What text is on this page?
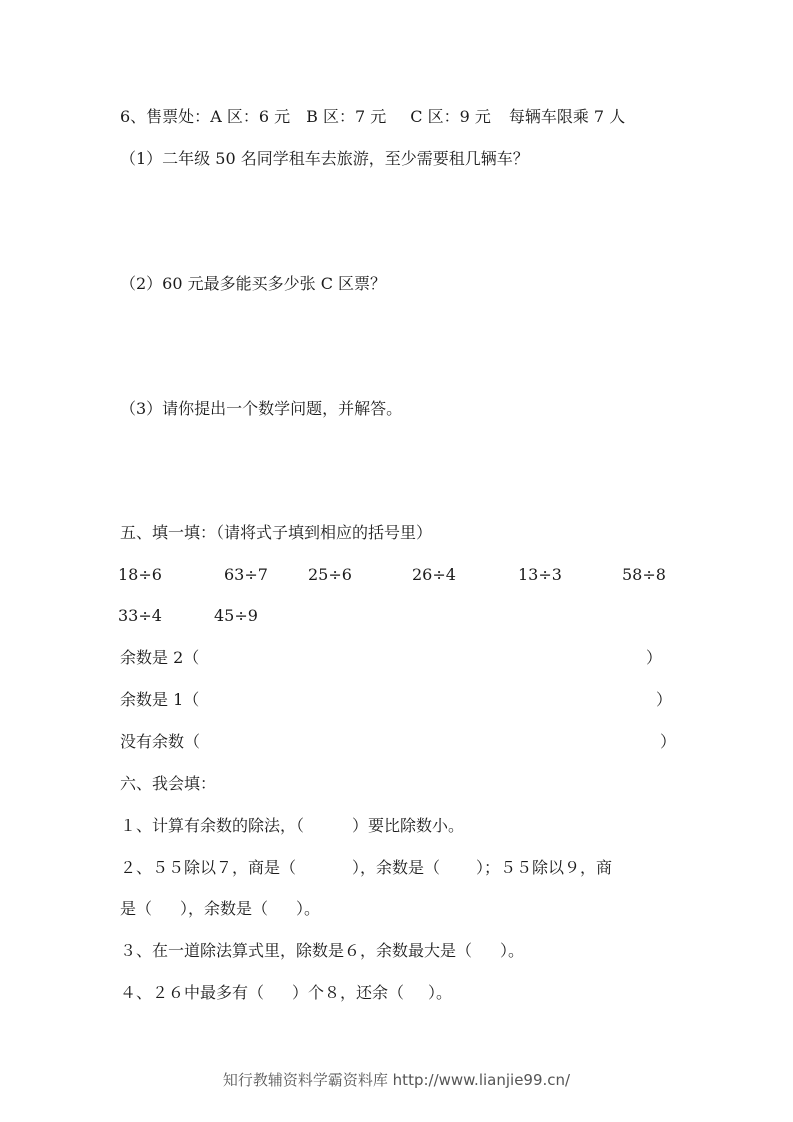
6、售票处：A 区：6 元 B 区：7 元 C 区：9 元 每辆车限乘 7 人
（1）二年级 50 名同学租车去旅游，至少需要租几辆车？
（2）60 元最多能买多少张 C 区票？
（3）请你提出一个数学问题，并解答。
五、填一填：（请将式子填到相应的括号里）
18÷6	63÷7	25÷6	26÷4	13÷3	58÷8
33÷4	45÷9
余数是 2（	）
余数是 1（	）
没有余数（	）
六、我会填：
１、计算有余数的除法，（	）要比除数小。
２、５５除以７，商是（	），余数是（ ）；５５除以９，商
是（ ），余数是（ ）。
３、在一道除法算式里，除数是６，余数最大是（ ）。
４、２６中最多有（ ）个８，还余（ ）。
知行教辅资料学霸资料库 http://www.lianjie99.cn/
